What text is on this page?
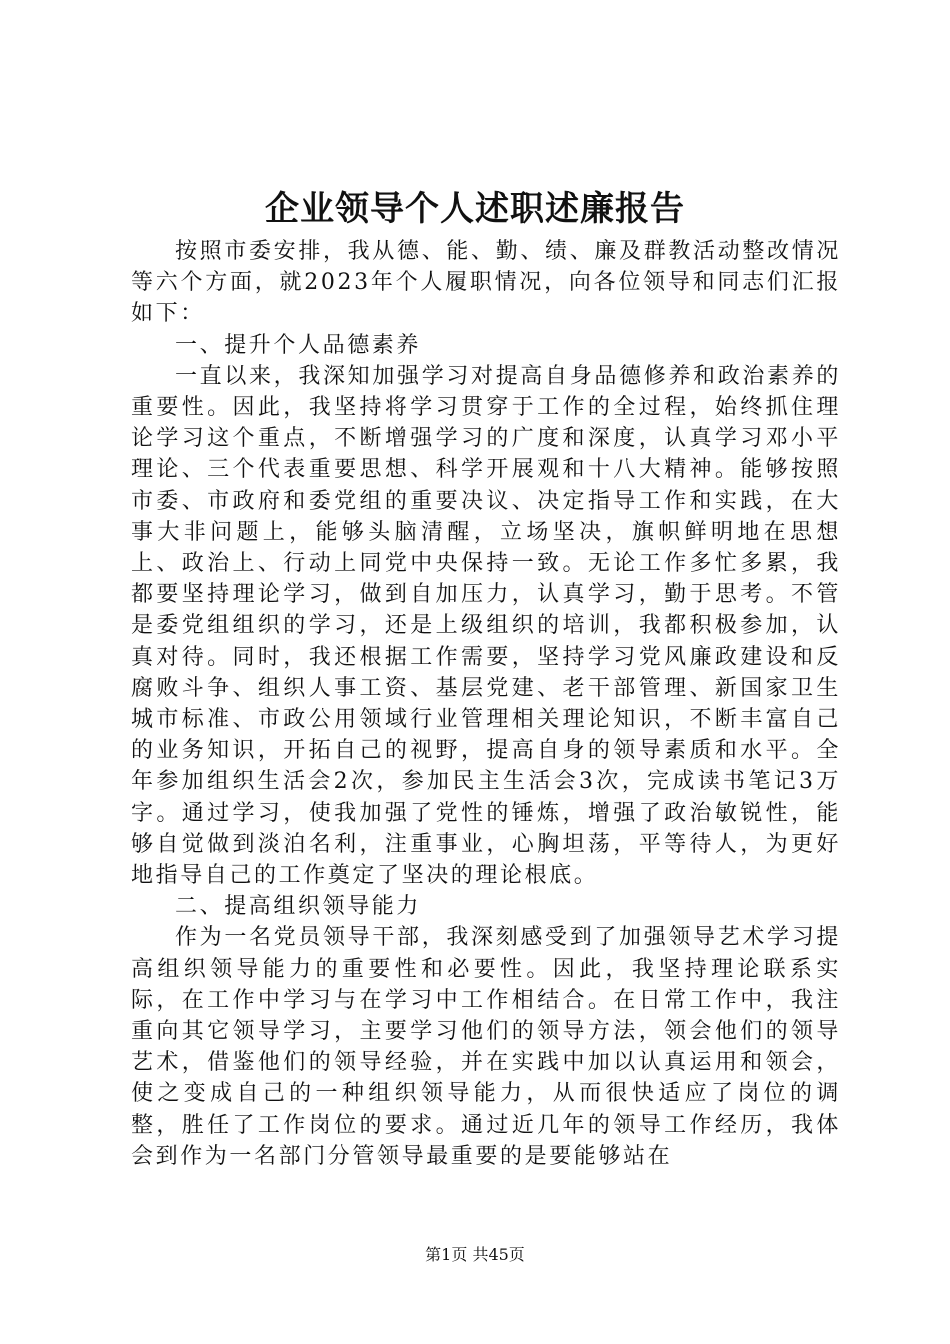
企业领导个人述职述廉报告

按照市委安排，我从德、能、勤、绩、廉及群教活动整改情况等六个方面，就2023年个人履职情况，向各位领导和同志们汇报如下：

一、提升个人品德素养

一直以来，我深知加强学习对提高自身品德修养和政治素养的重要性。因此，我坚持将学习贯穿于工作的全过程，始终抓住理论学习这个重点，不断增强学习的广度和深度，认真学习邓小平理论、三个代表重要思想、科学开展观和十八大精神。能够按照市委、市政府和委党组的重要决议、决定指导工作和实践，在大事大非问题上，能够头脑清醒，立场坚决，旗帜鲜明地在思想上、政治上、行动上同党中央保持一致。无论工作多忙多累，我都要坚持理论学习，做到自加压力，认真学习，勤于思考。不管是委党组组织的学习，还是上级组织的培训，我都积极参加，认真对待。同时，我还根据工作需要，坚持学习党风廉政建设和反腐败斗争、组织人事工资、基层党建、老干部管理、新国家卫生城市标准、市政公用领域行业管理相关理论知识，不断丰富自己的业务知识，开拓自己的视野，提高自身的领导素质和水平。全年参加组织生活会2次，参加民主生活会3次，完成读书笔记3万字。通过学习，使我加强了党性的锤炼，增强了政治敏锐性，能够自觉做到淡泊名利，注重事业，心胸坦荡，平等待人，为更好地指导自己的工作奠定了坚决的理论根底。

二、提高组织领导能力

作为一名党员领导干部，我深刻感受到了加强领导艺术学习提高组织领导能力的重要性和必要性。因此，我坚持理论联系实际，在工作中学习与在学习中工作相结合。在日常工作中，我注重向其它领导学习，主要学习他们的领导方法，领会他们的领导艺术，借鉴他们的领导经验，并在实践中加以认真运用和领会，使之变成自己的一种组织领导能力，从而很快适应了岗位的调整，胜任了工作岗位的要求。通过近几年的领导工作经历，我体会到作为一名部门分管领导最重要的是要能够站在

第1页 共45页
